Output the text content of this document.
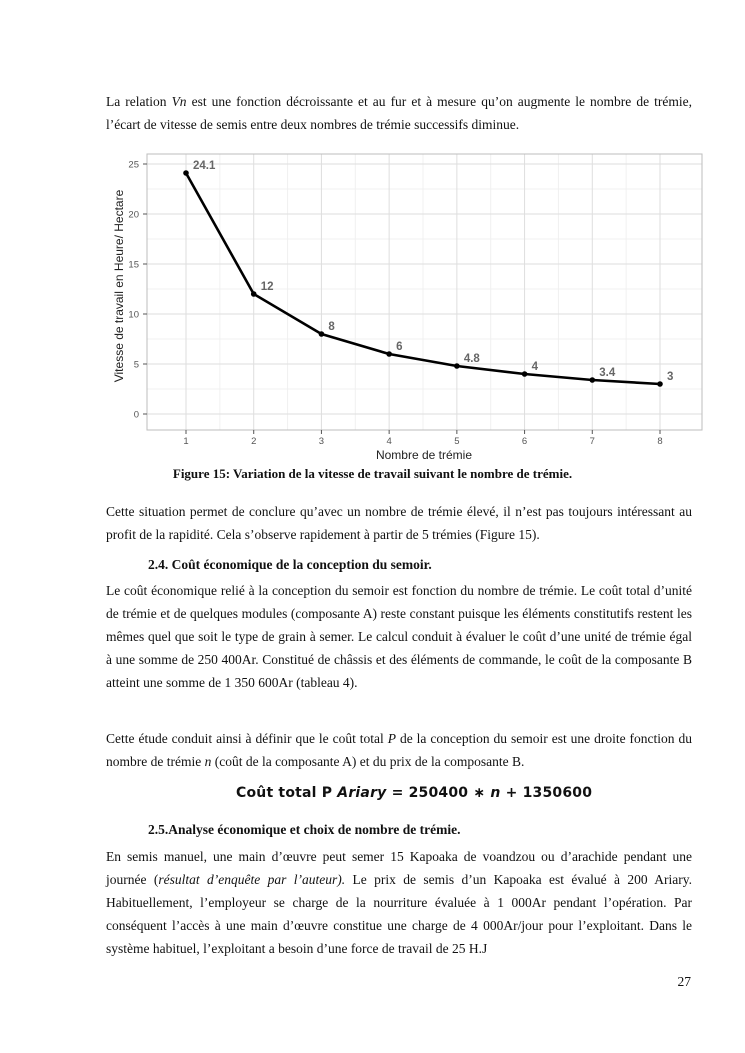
La relation Vn est une fonction décroissante et au fur et à mesure qu’on augmente le nombre de trémie, l’écart de vitesse de semis entre deux nombres de trémie successifs diminue.
0
5
10
15
20
25
1	2	3	4	5	6	7	8
24.1
12
8
6
4.8
4	3.4	3
Nombre de trémie
Vitesse de travail en Heure/ Hectare
Figure 15: Variation de la vitesse de travail suivant le nombre de trémie.
Cette situation permet de conclure qu’avec un nombre de trémie élevé, il n’est pas toujours intéressant au profit de la rapidité. Cela s’observe rapidement à partir de 5 trémies (Figure 15).
2.4. Coût économique de la conception du semoir.
Le coût économique relié à la conception du semoir est fonction du nombre de trémie. Le coût total d’unité de trémie et de quelques modules (composante A) reste constant puisque les éléments constitutifs restent les mêmes quel que soit le type de grain à semer. Le calcul conduit à évaluer le coût d’une unité de trémie égal à une somme de 250 400Ar. Constitué de châssis et des éléments de commande, le coût de la composante B atteint une somme de 1 350 600Ar (tableau 4).
Cette étude conduit ainsi à définir que le coût total P de la conception du semoir est une droite fonction du nombre de trémie n (coût de la composante A) et du prix de la composante B.
Coût total P Ariary = 250400 ∗ n + 1350600
2.5.Analyse économique et choix de nombre de trémie.
En semis manuel, une main d’œuvre peut semer 15 Kapoaka de voandzou ou d’arachide pendant une journée (résultat d’enquête par l’auteur). Le prix de semis d’un Kapoaka est évalué à 200 Ariary. Habituellement, l’employeur se charge de la nourriture évaluée à 1 000Ar pendant l’opération. Par conséquent l’accès à une main d’œuvre constitue une charge de 4 000Ar/jour pour l’exploitant. Dans le système habituel, l’exploitant a besoin d’une force de travail de 25 H.J
27
